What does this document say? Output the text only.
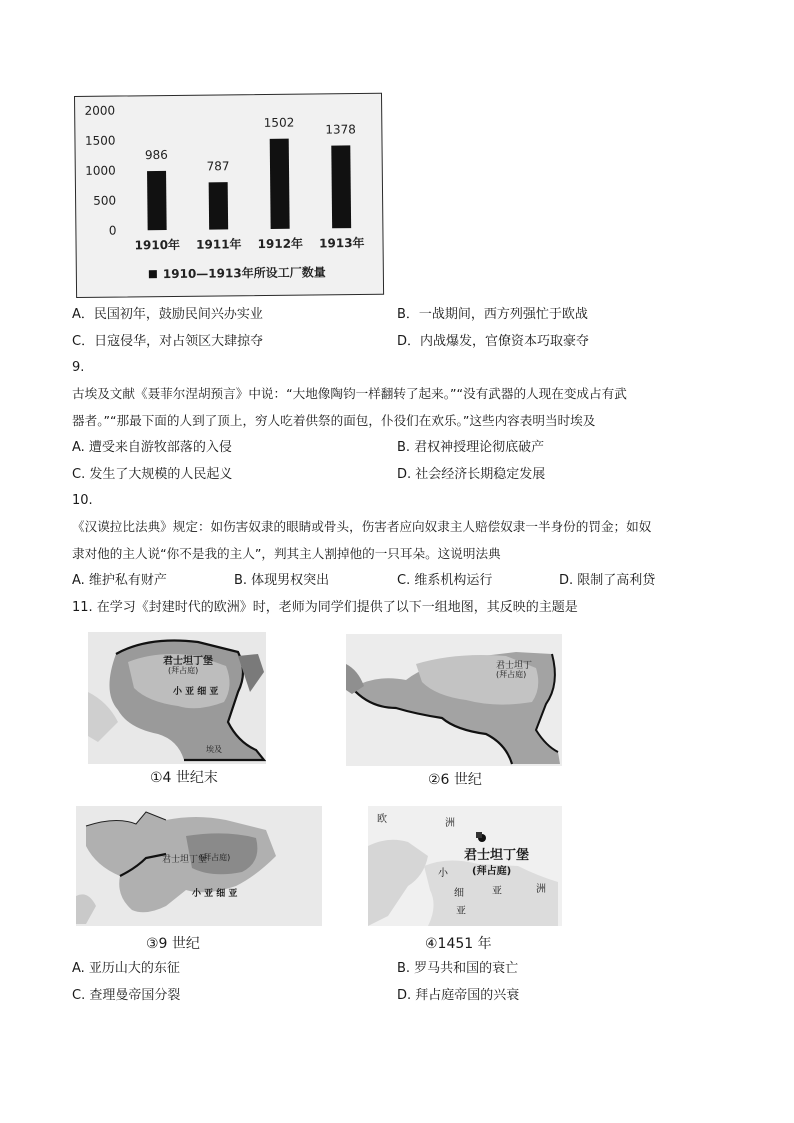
0
500
1000
1500
2000
986
1910年
787
1911年
1502
1912年
1378
1913年
1910—1913年所设工厂数量
A．民国初年，鼓励民间兴办实业	B．一战期间，西方列强忙于欧战
C．日寇侵华，对占领区大肆掠夺	D．内战爆发，官僚资本巧取豪夺
9.
古埃及文献《聂菲尔涅胡预言》中说：“大地像陶钧一样翻转了起来。”“没有武器的人现在变成占有武
器者。”“那最下面的人到了顶上，穷人吃着供祭的面包，仆役们在欢乐。”这些内容表明当时埃及
A. 遭受来自游牧部落的入侵	B. 君权神授理论彻底破产
C. 发生了大规模的人民起义	D. 社会经济长期稳定发展
10.
《汉谟拉比法典》规定：如伤害奴隶的眼睛或骨头，伤害者应向奴隶主人赔偿奴隶一半身份的罚金；如奴
隶对他的主人说“你不是我的主人”，判其主人割掉他的一只耳朵。这说明法典
A. 维护私有财产	B. 体现男权突出	C. 维系机构运行	D. 限制了高利贷
11. 在学习《封建时代的欧洲》时，老师为同学们提供了以下一组地图，其反映的主题是
君士坦丁堡
(拜占庭)
小 亚 细 亚
埃及
①4 世纪末
君士坦丁
(拜占庭)
②6 世纪
君士坦丁堡
(拜占庭)
小 亚 细 亚
③9 世纪
欧	洲
君士坦丁堡
(拜占庭)
小
亚	洲
细
亚
④1451 年
A. 亚历山大的东征	B. 罗马共和国的衰亡
C. 查理曼帝国分裂	D. 拜占庭帝国的兴衰
